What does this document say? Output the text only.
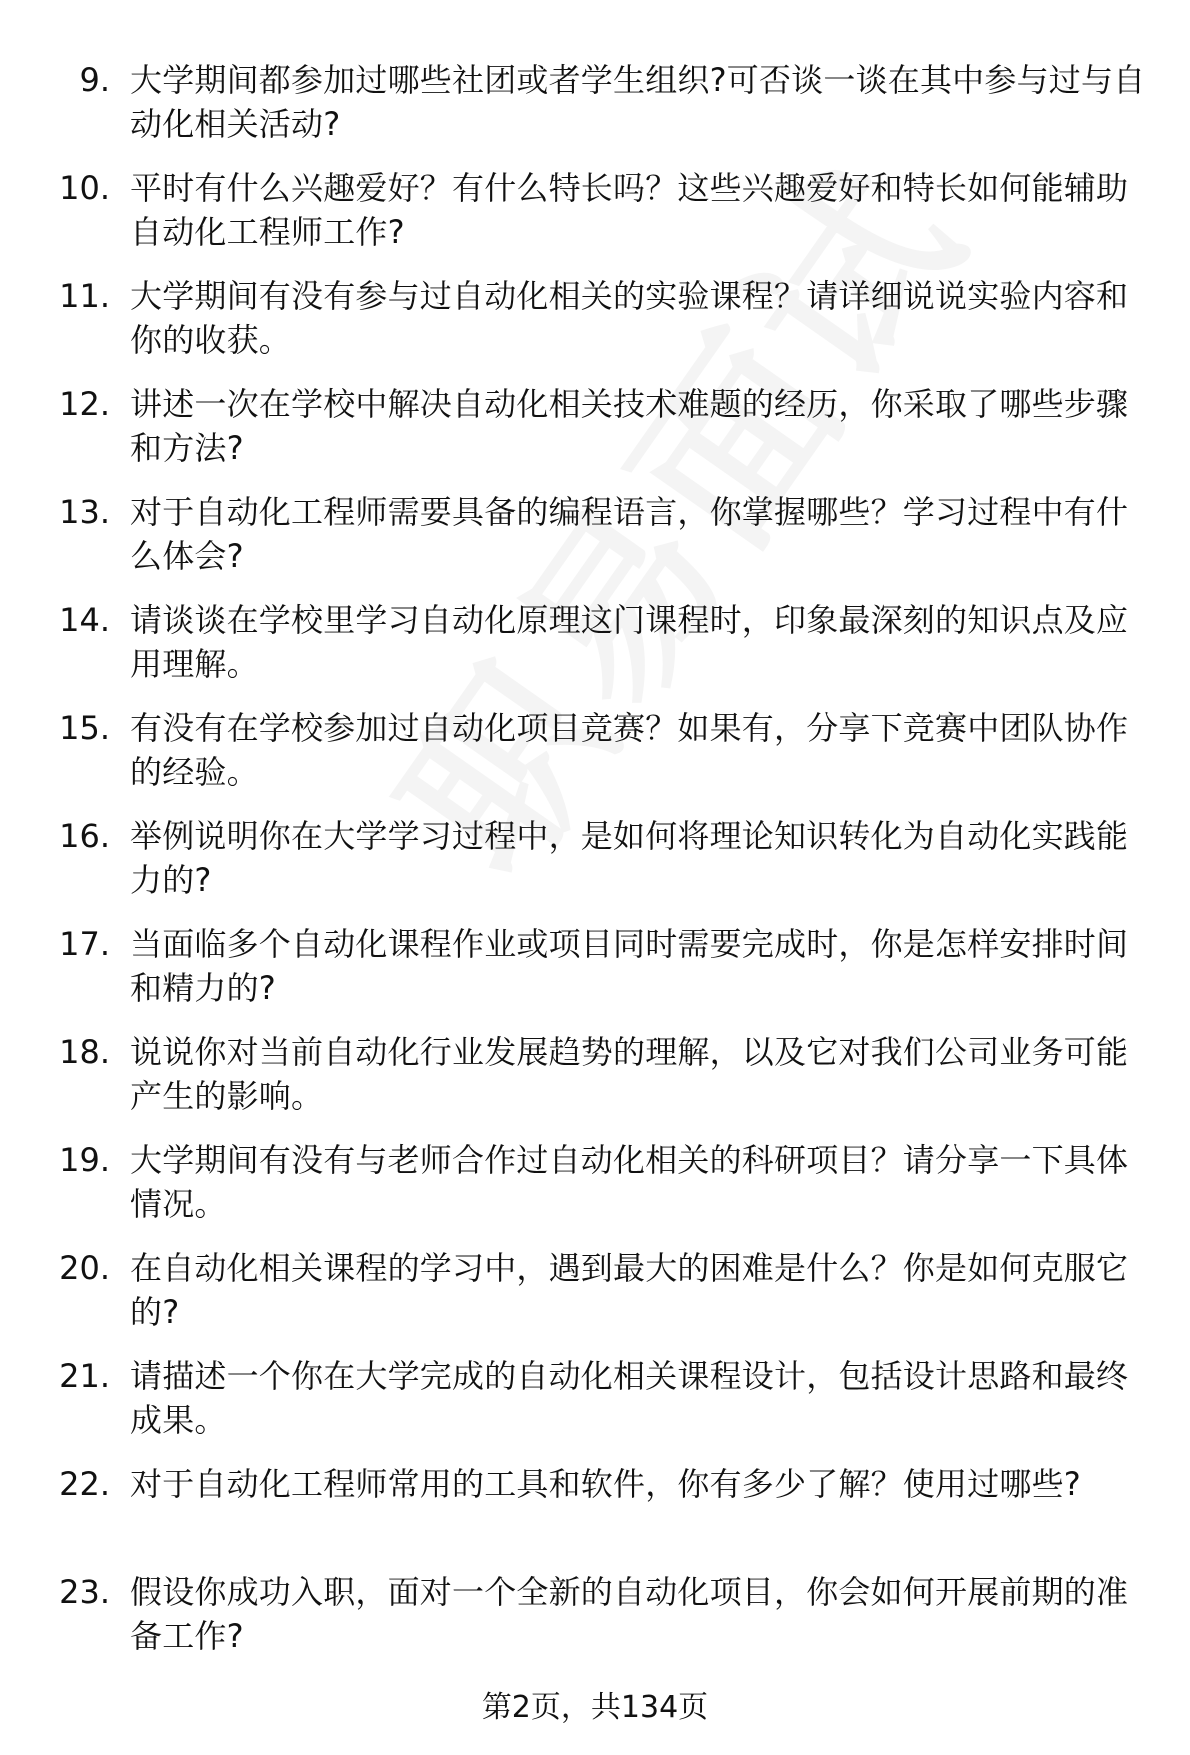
9. 大学期间都参加过哪些社团或者学生组织?可否谈一谈在其中参与过与自动化相关活动?
10. 平时有什么兴趣爱好？有什么特长吗？这些兴趣爱好和特长如何能辅助自动化工程师工作?
11. 大学期间有没有参与过自动化相关的实验课程？请详细说说实验内容和你的收获。
12. 讲述一次在学校中解决自动化相关技术难题的经历，你采取了哪些步骤和方法?
13. 对于自动化工程师需要具备的编程语言，你掌握哪些？学习过程中有什么体会?
14. 请谈谈在学校里学习自动化原理这门课程时，印象最深刻的知识点及应用理解。
15. 有没有在学校参加过自动化项目竞赛？如果有，分享下竞赛中团队协作的经验。
16. 举例说明你在大学学习过程中，是如何将理论知识转化为自动化实践能力的?
17. 当面临多个自动化课程作业或项目同时需要完成时，你是怎样安排时间和精力的?
18. 说说你对当前自动化行业发展趋势的理解，以及它对我们公司业务可能产生的影响。
19. 大学期间有没有与老师合作过自动化相关的科研项目？请分享一下具体情况。
20. 在自动化相关课程的学习中，遇到最大的困难是什么？你是如何克服它的?
21. 请描述一个你在大学完成的自动化相关课程设计，包括设计思路和最终成果。
22. 对于自动化工程师常用的工具和软件，你有多少了解？使用过哪些?
23. 假设你成功入职，面对一个全新的自动化项目，你会如何开展前期的准备工作?
第2页，共134页
